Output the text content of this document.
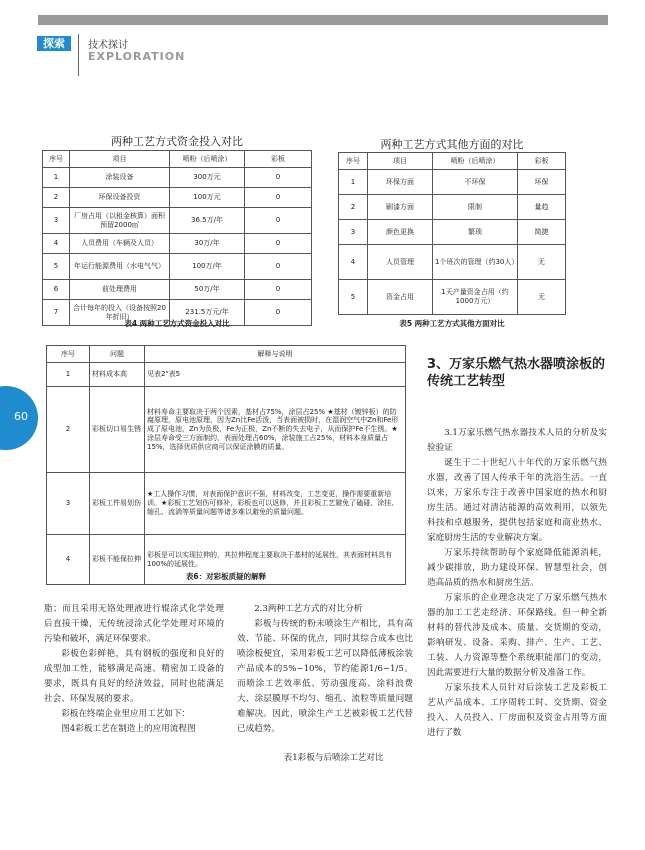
探索	技术探讨
EXPLORATION
60
两种工艺方式资金投入对比
序号	项目	喷粉（后喷涂）	彩板
1	涂装设备	300万元	0
2	环保设备投资	100万元	0
3	厂房占用（以租金核算）面积预留2000㎡	36.5万/年	0
4	人员费用（车辆及人员）	30万/年	0
5	年运行能源费用（水电气气）	100万/年	0
6	前处理费用	50万/年	0
7	合计每年的投入（设备按照20年折旧）	231.5万元/年	0
表4 两种工艺方式资金投入对比
两种工艺方式其他方面的对比
序号	项目	喷粉（后喷涂）	彩板
1	环保方面	不环保	环保
2	刷漆方面	限制	量趋
3	颜色更换	繁琐	简捷
4	人员管理	1个班次的管理（约30人）	无
5	资金占用	1天产量资金占用（约1000万元）	无
表5 两种工艺方式其他方面对比
序号	问题	解释与说明
1	材料成本高	见表2"表5
2	彩板切口易生锈	材料寿命主要取决于两个因素，基材占75%，涂层占25% ★基材（镀锌板）的防腐原理，原电池原理，因为Zn比Fe活泼，当表面被损时，在湿润空气中Zn和Fe形成了原电池，Zn为负极，Fe为正极，Zn不断的失去电子，从而保护Fe不生锈。★涂层寿命受三方面制约，表面处理占60%，涂装施工占25%，材料本身质量占15%，选择优质供应商可以保证涂膜的质量。
3	彩板工件易划伤	★工人操作习惯，对表面保护意识不强，材料改变，工艺变更，操作需要重新培训。★彩板工艺划伤可修补，彩板也可以返修，并且彩板工艺避免了磕碰、涂挂、缩孔、流淌等质量问题等诸多难以避免的质量问题。
4	彩板不能保拉伸	彩板是可以实现拉伸的，其拉伸程度主要取决于基材的延展性，其表面材料具有100%的延展性。
表6：对彩板质疑的解释

脂；而且采用无铬处理液进行辊涂式化学处理后直接干燥，无传统浸涂式化学处理对环境的污染和破坏，满足环保要求。

彩板色彩鲜艳，具有钢板的强度和良好的成型加工性，能够满足高速、精密加工设备的要求，既具有良好的经济效益，同时也能满足社会、环保发展的要求。

彩板在终端企业里应用工艺如下：

图4彩板工艺在制造上的应用流程图

2.3两种工艺方式的对比分析

彩板与传统的粉末喷涂生产相比，具有高效、节能、环保的优点，同时其综合成本也比喷涂板便宜，采用彩板工艺可以降低薄板涂装产品成本的5%~10%，节约能源1/6~1/5。而喷涂工艺效率低、劳动强度高、涂料浪费大、涂层膜厚不均匀、缩孔、流粒等质量问题难解决。因此，喷涂生产工艺被彩板工艺代替已成趋势。

表1彩板与后喷涂工艺对比

3、万家乐燃气热水器喷涂板的传统工艺转型

3.1万家乐燃气热水器技术人员的分析及实验验证

诞生于二十世纪八十年代的万家乐燃气热水器，改善了国人传承千年的洗浴生活。一直以来，万家乐专注于改善中国家庭的热水和厨房生活。通过对清洁能源的高效利用，以领先科技和卓越服务，提供包括家庭和商业热水、家庭厨房生活的专业解决方案。

万家乐持续帮助每个家庭降低能源消耗，减少碳排放，助力建设环保、智慧型社会，创造高品质的热水和厨房生活。

万家乐的企业理念决定了万家乐燃气热水器的加工工艺走经济、环保路线。但一种全新材料的替代涉及成本、质量、交货期的变动，影响研发、设备、采购、排产、生产、工艺、工装、人力资源等整个系统职能部门的变动，因此需要进行大量的数据分析及准备工作。

万家乐技术人员针对后涂装工艺及彩板工艺从产品成本、工序周转工时、交货期、资金投入、人员投入、厂房面积及资金占用等方面进行了数
